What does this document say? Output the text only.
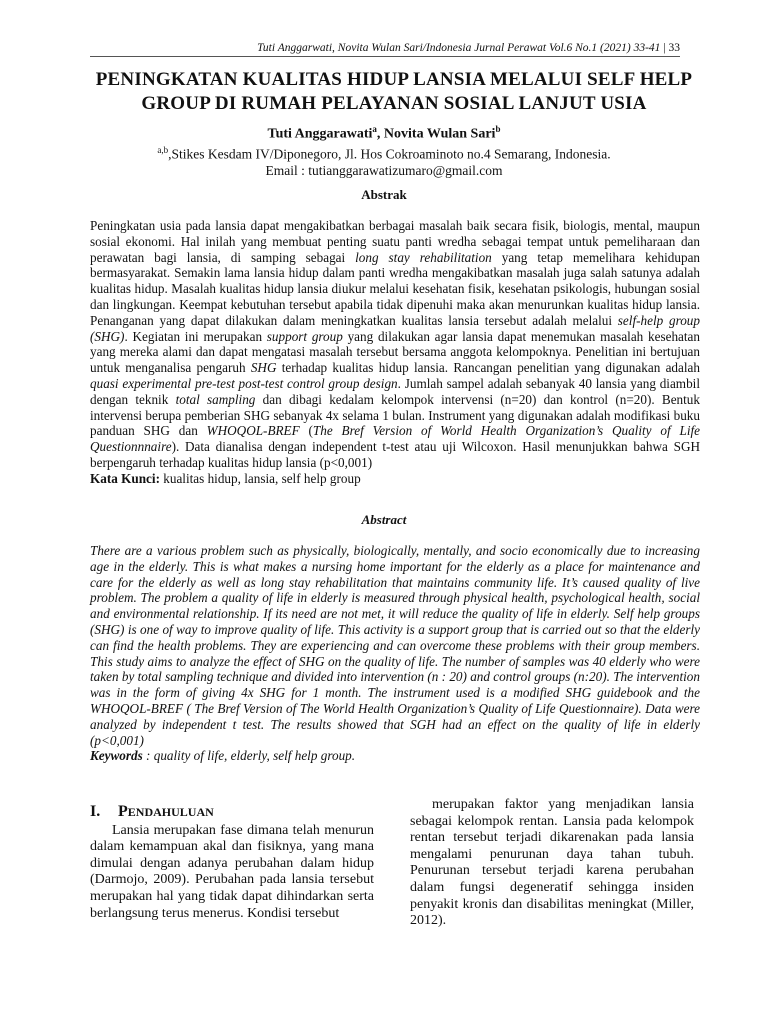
Tuti Anggarwati, Novita Wulan Sari/Indonesia Jurnal Perawat Vol.6 No.1 (2021) 33-41 | 33
PENINGKATAN KUALITAS HIDUP LANSIA MELALUI SELF HELP GROUP DI RUMAH PELAYANAN SOSIAL LANJUT USIA
Tuti Anggarawati$^a$, Novita Wulan Sari$^b$
$^{a,b}$,Stikes Kesdam IV/Diponegoro, Jl. Hos Cokroaminoto no.4 Semarang, Indonesia.
Email : tutianggarawatizumaro@gmail.com
Abstrak
Peningkatan usia pada lansia dapat mengakibatkan berbagai masalah baik secara fisik, biologis, mental, maupun sosial ekonomi. Hal inilah yang membuat penting suatu panti wredha sebagai tempat untuk pemeliharaan dan perawatan bagi lansia, di samping sebagai long stay rehabilitation yang tetap memelihara kehidupan bermasyarakat. Semakin lama lansia hidup dalam panti wredha mengakibatkan masalah juga salah satunya adalah kualitas hidup. Masalah kualitas hidup lansia diukur melalui kesehatan fisik, kesehatan psikologis, hubungan sosial dan lingkungan. Keempat kebutuhan tersebut apabila tidak dipenuhi maka akan menurunkan kualitas hidup lansia. Penanganan yang dapat dilakukan dalam meningkatkan kualitas lansia tersebut adalah melalui self-help group (SHG). Kegiatan ini merupakan support group yang dilakukan agar lansia dapat menemukan masalah kesehatan yang mereka alami dan dapat mengatasi masalah tersebut bersama anggota kelompoknya. Penelitian ini bertujuan untuk menganalisa pengaruh SHG terhadap kualitas hidup lansia. Rancangan penelitian yang digunakan adalah quasi experimental pre-test post-test control group design. Jumlah sampel adalah sebanyak 40 lansia yang diambil dengan teknik total sampling dan dibagi kedalam kelompok intervensi (n=20) dan kontrol (n=20). Bentuk intervensi berupa pemberian SHG sebanyak 4x selama 1 bulan. Instrument yang digunakan adalah modifikasi buku panduan SHG dan WHOQOL-BREF (The Bref Version of World Health Organization’s Quality of Life Questionnnaire). Data dianalisa dengan independent t-test atau uji Wilcoxon. Hasil menunjukkan bahwa SGH berpengaruh terhadap kualitas hidup lansia (p<0,001)
Kata Kunci: kualitas hidup, lansia, self help group
Abstract
There are a various problem such as physically, biologically, mentally, and socio economically due to increasing age in the elderly. This is what makes a nursing home important for the elderly as a place for maintenance and care for the elderly as well as long stay rehabilitation that maintains community life. It’s caused quality of live problem. The problem a quality of life in elderly is measured through physical health, psychological health, social and environmental relationship. If its need are not met, it will reduce the quality of life in elderly. Self help groups (SHG) is one of way to improve quality of life. This activity is a support group that is carried out so that the elderly can find the health problems. They are experiencing and can overcome these problems with their group members. This study aims to analyze the effect of SHG on the quality of life. The number of samples was 40 elderly who were taken by total sampling technique and divided into intervention (n : 20) and control groups (n:20). The intervention was in the form of giving 4x SHG for 1 month. The instrument used is a modified SHG guidebook and the WHOQOL-BREF ( The Bref Version of The World Health Organization’s Quality of Life Questionnaire). Data were analyzed by independent t test. The results showed that SGH had an effect on the quality of life in elderly (p<0,001)
Keywords : quality of life, elderly, self help group.
I. PENDAHULUAN
Lansia merupakan fase dimana telah menurun dalam kemampuan akal dan fisiknya, yang mana dimulai dengan adanya perubahan dalam hidup (Darmojo, 2009). Perubahan pada lansia tersebut merupakan hal yang tidak dapat dihindarkan serta berlangsung terus menerus. Kondisi tersebut
merupakan faktor yang menjadikan lansia sebagai kelompok rentan. Lansia pada kelompok rentan tersebut terjadi dikarenakan pada lansia mengalami penurunan daya tahan tubuh. Penurunan tersebut terjadi karena perubahan dalam fungsi degeneratif sehingga insiden penyakit kronis dan disabilitas meningkat (Miller, 2012).
